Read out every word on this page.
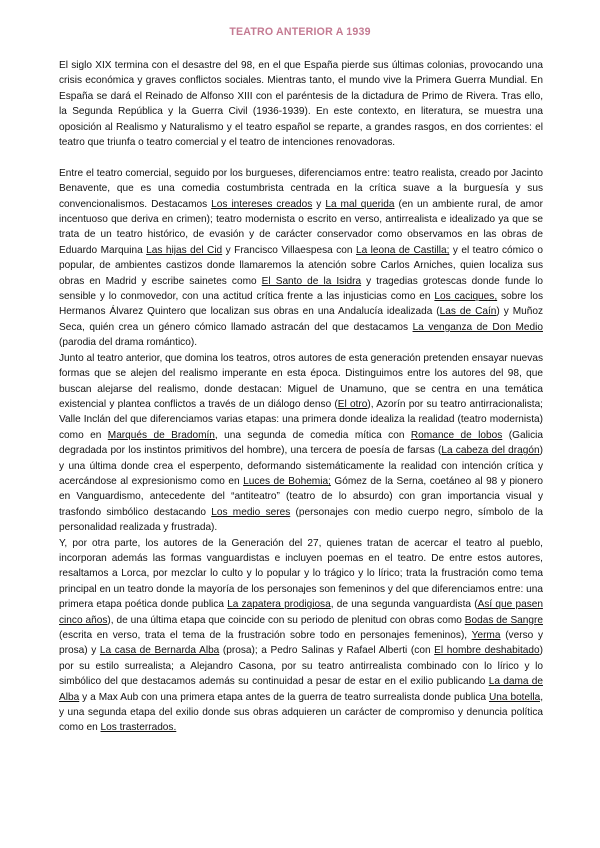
TEATRO ANTERIOR A 1939

El siglo XIX termina con el desastre del 98, en el que España pierde sus últimas colonias, provocando una crisis económica y graves conflictos sociales. Mientras tanto, el mundo vive la Primera Guerra Mundial. En España se dará el Reinado de Alfonso XIII con el paréntesis de la dictadura de Primo de Rivera. Tras ello, la Segunda República y la Guerra Civil (1936-1939). En este contexto, en literatura, se muestra una oposición al Realismo y Naturalismo y el teatro español se reparte, a grandes rasgos, en dos corrientes: el teatro que triunfa o teatro comercial y el teatro de intenciones renovadoras.

Entre el teatro comercial, seguido por los burgueses, diferenciamos entre: teatro realista, creado por Jacinto Benavente, que es una comedia costumbrista centrada en la crítica suave a la burguesía y sus convencionalismos. Destacamos Los intereses creados y La mal querida (en un ambiente rural, de amor incentuoso que deriva en crimen); teatro modernista o escrito en verso, antirrealista e idealizado ya que se trata de un teatro histórico, de evasión y de carácter conservador como observamos en las obras de Eduardo Marquina Las hijas del Cid y Francisco Villaespesa con La leona de Castilla; y el teatro cómico o popular, de ambientes castizos donde llamaremos la atención sobre Carlos Arniches, quien localiza sus obras en Madrid y escribe sainetes como El Santo de la Isidra y tragedias grotescas donde funde lo sensible y lo conmovedor, con una actitud crítica frente a las injusticias como en Los caciques, sobre los Hermanos Álvarez Quintero que localizan sus obras en una Andalucía idealizada (Las de Caín) y Muñoz Seca, quién crea un género cómico llamado astracán del que destacamos La venganza de Don Medio (parodia del drama romántico).

Junto al teatro anterior, que domina los teatros, otros autores de esta generación pretenden ensayar nuevas formas que se alejen del realismo imperante en esta época. Distinguimos entre los autores del 98, que buscan alejarse del realismo, donde destacan: Miguel de Unamuno, que se centra en una temática existencial y plantea conflictos a través de un diálogo denso (El otro), Azorín por su teatro antirracionalista; Valle Inclán del que diferenciamos varias etapas: una primera donde idealiza la realidad (teatro modernista) como en Marqués de Bradomín, una segunda de comedia mítica con Romance de lobos (Galicia degradada por los instintos primitivos del hombre), una tercera de poesía de farsas (La cabeza del dragón) y una última donde crea el esperpento, deformando sistemáticamente la realidad con intención crítica y acercándose al expresionismo como en Luces de Bohemia; Gómez de la Serna, coetáneo al 98 y pionero en Vanguardismo, antecedente del “antiteatro” (teatro de lo absurdo) con gran importancia visual y trasfondo simbólico destacando Los medio seres (personajes con medio cuerpo negro, símbolo de la personalidad realizada y frustrada).

Y, por otra parte, los autores de la Generación del 27, quienes tratan de acercar el teatro al pueblo, incorporan además las formas vanguardistas e incluyen poemas en el teatro. De entre estos autores, resaltamos a Lorca, por mezclar lo culto y lo popular y lo trágico y lo lírico; trata la frustración como tema principal en un teatro donde la mayoría de los personajes son femeninos y del que diferenciamos entre: una primera etapa poética donde publica La zapatera prodigiosa, de una segunda vanguardista (Así que pasen cinco años), de una última etapa que coincide con su periodo de plenitud con obras como Bodas de Sangre (escrita en verso, trata el tema de la frustración sobre todo en personajes femeninos), Yerma (verso y prosa) y La casa de Bernarda Alba (prosa); a Pedro Salinas y Rafael Alberti (con El hombre deshabitado) por su estilo surrealista; a Alejandro Casona, por su teatro antirrealista combinado con lo lírico y lo simbólico del que destacamos además su continuidad a pesar de estar en el exilio publicando La dama de Alba y a Max Aub con una primera etapa antes de la guerra de teatro surrealista donde publica Una botella, y una segunda etapa del exilio donde sus obras adquieren un carácter de compromiso y denuncia política como en Los trasterrados.
